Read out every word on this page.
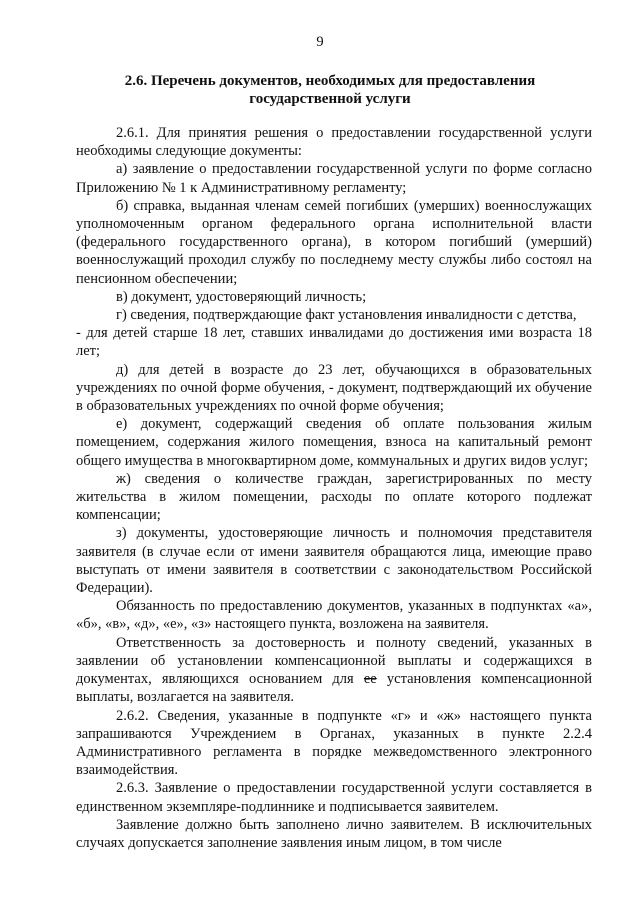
9
2.6. Перечень документов, необходимых для предоставления
государственной услуги

2.6.1. Для принятия решения о предоставлении государственной услуги необходимы следующие документы:

а) заявление о предоставлении государственной услуги по форме согласно Приложению № 1 к Административному регламенту;

б) справка, выданная членам семей погибших (умерших) военнослужащих уполномоченным органом федерального органа исполнительной власти (федерального государственного органа), в котором погибший (умерший) военнослужащий проходил службу по последнему месту службы либо состоял на пенсионном обеспечении;

в) документ, удостоверяющий личность;

г) сведения, подтверждающие факт установления инвалидности с детства,

- для детей старше 18 лет, ставших инвалидами до достижения ими возраста 18 лет;

д) для детей в возрасте до 23 лет, обучающихся в образовательных учреждениях по очной форме обучения, - документ, подтверждающий их обучение в образовательных учреждениях по очной форме обучения;

е) документ, содержащий сведения об оплате пользования жилым помещением, содержания жилого помещения, взноса на капитальный ремонт общего имущества в многоквартирном доме, коммунальных и других видов услуг;

ж) сведения о количестве граждан, зарегистрированных по месту жительства в жилом помещении, расходы по оплате которого подлежат компенсации;

з) документы, удостоверяющие личность и полномочия представителя заявителя (в случае если от имени заявителя обращаются лица, имеющие право выступать от имени заявителя в соответствии с законодательством Российской Федерации).

Обязанность по предоставлению документов, указанных в подпунктах «а», «б», «в», «д», «е», «з» настоящего пункта, возложена на заявителя.

Ответственность за достоверность и полноту сведений, указанных в заявлении об установлении компенсационной выплаты и содержащихся в документах, являющихся основанием для ее установления компенсационной выплаты, возлагается на заявителя.

2.6.2. Сведения, указанные в подпункте «г» и «ж» настоящего пункта запрашиваются Учреждением в Органах, указанных в пункте 2.2.4 Административного регламента в порядке межведомственного электронного взаимодействия.

2.6.3. Заявление о предоставлении государственной услуги составляется в единственном экземпляре-подлиннике и подписывается заявителем.

Заявление должно быть заполнено лично заявителем. В исключительных случаях допускается заполнение заявления иным лицом, в том числе
